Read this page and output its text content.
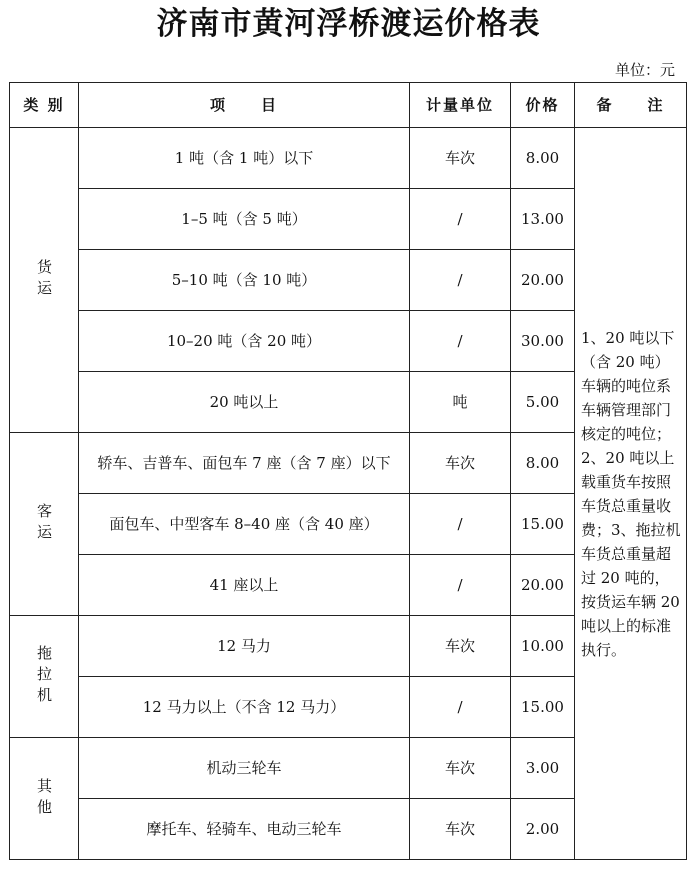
济南市黄河浮桥渡运价格表
单位：元
类 别	项　　目	计量单位	价格	备　　注
货运	1 吨（含 1 吨）以下	车次	8.00	1、20 吨以下（含 20 吨）车辆的吨位系车辆管理部门核定的吨位；2、20 吨以上载重货车按照车货总重量收费；3、拖拉机车货总重量超过 20 吨的，按货运车辆 20 吨以上的标准执行。
	1–5 吨（含 5 吨）	/	13.00	
	5–10 吨（含 10 吨）	/	20.00	
	10–20 吨（含 20 吨）	/	30.00	
	20 吨以上	吨	5.00	
客运	轿车、吉普车、面包车 7 座（含 7 座）以下	车次	8.00	
	面包车、中型客车 8–40 座（含 40 座）	/	15.00	
	41 座以上	/	20.00	
拖拉机	12 马力	车次	10.00	
	12 马力以上（不含 12 马力）	/	15.00	
其他	机动三轮车	车次	3.00	
	摩托车、轻骑车、电动三轮车	车次	2.00	
